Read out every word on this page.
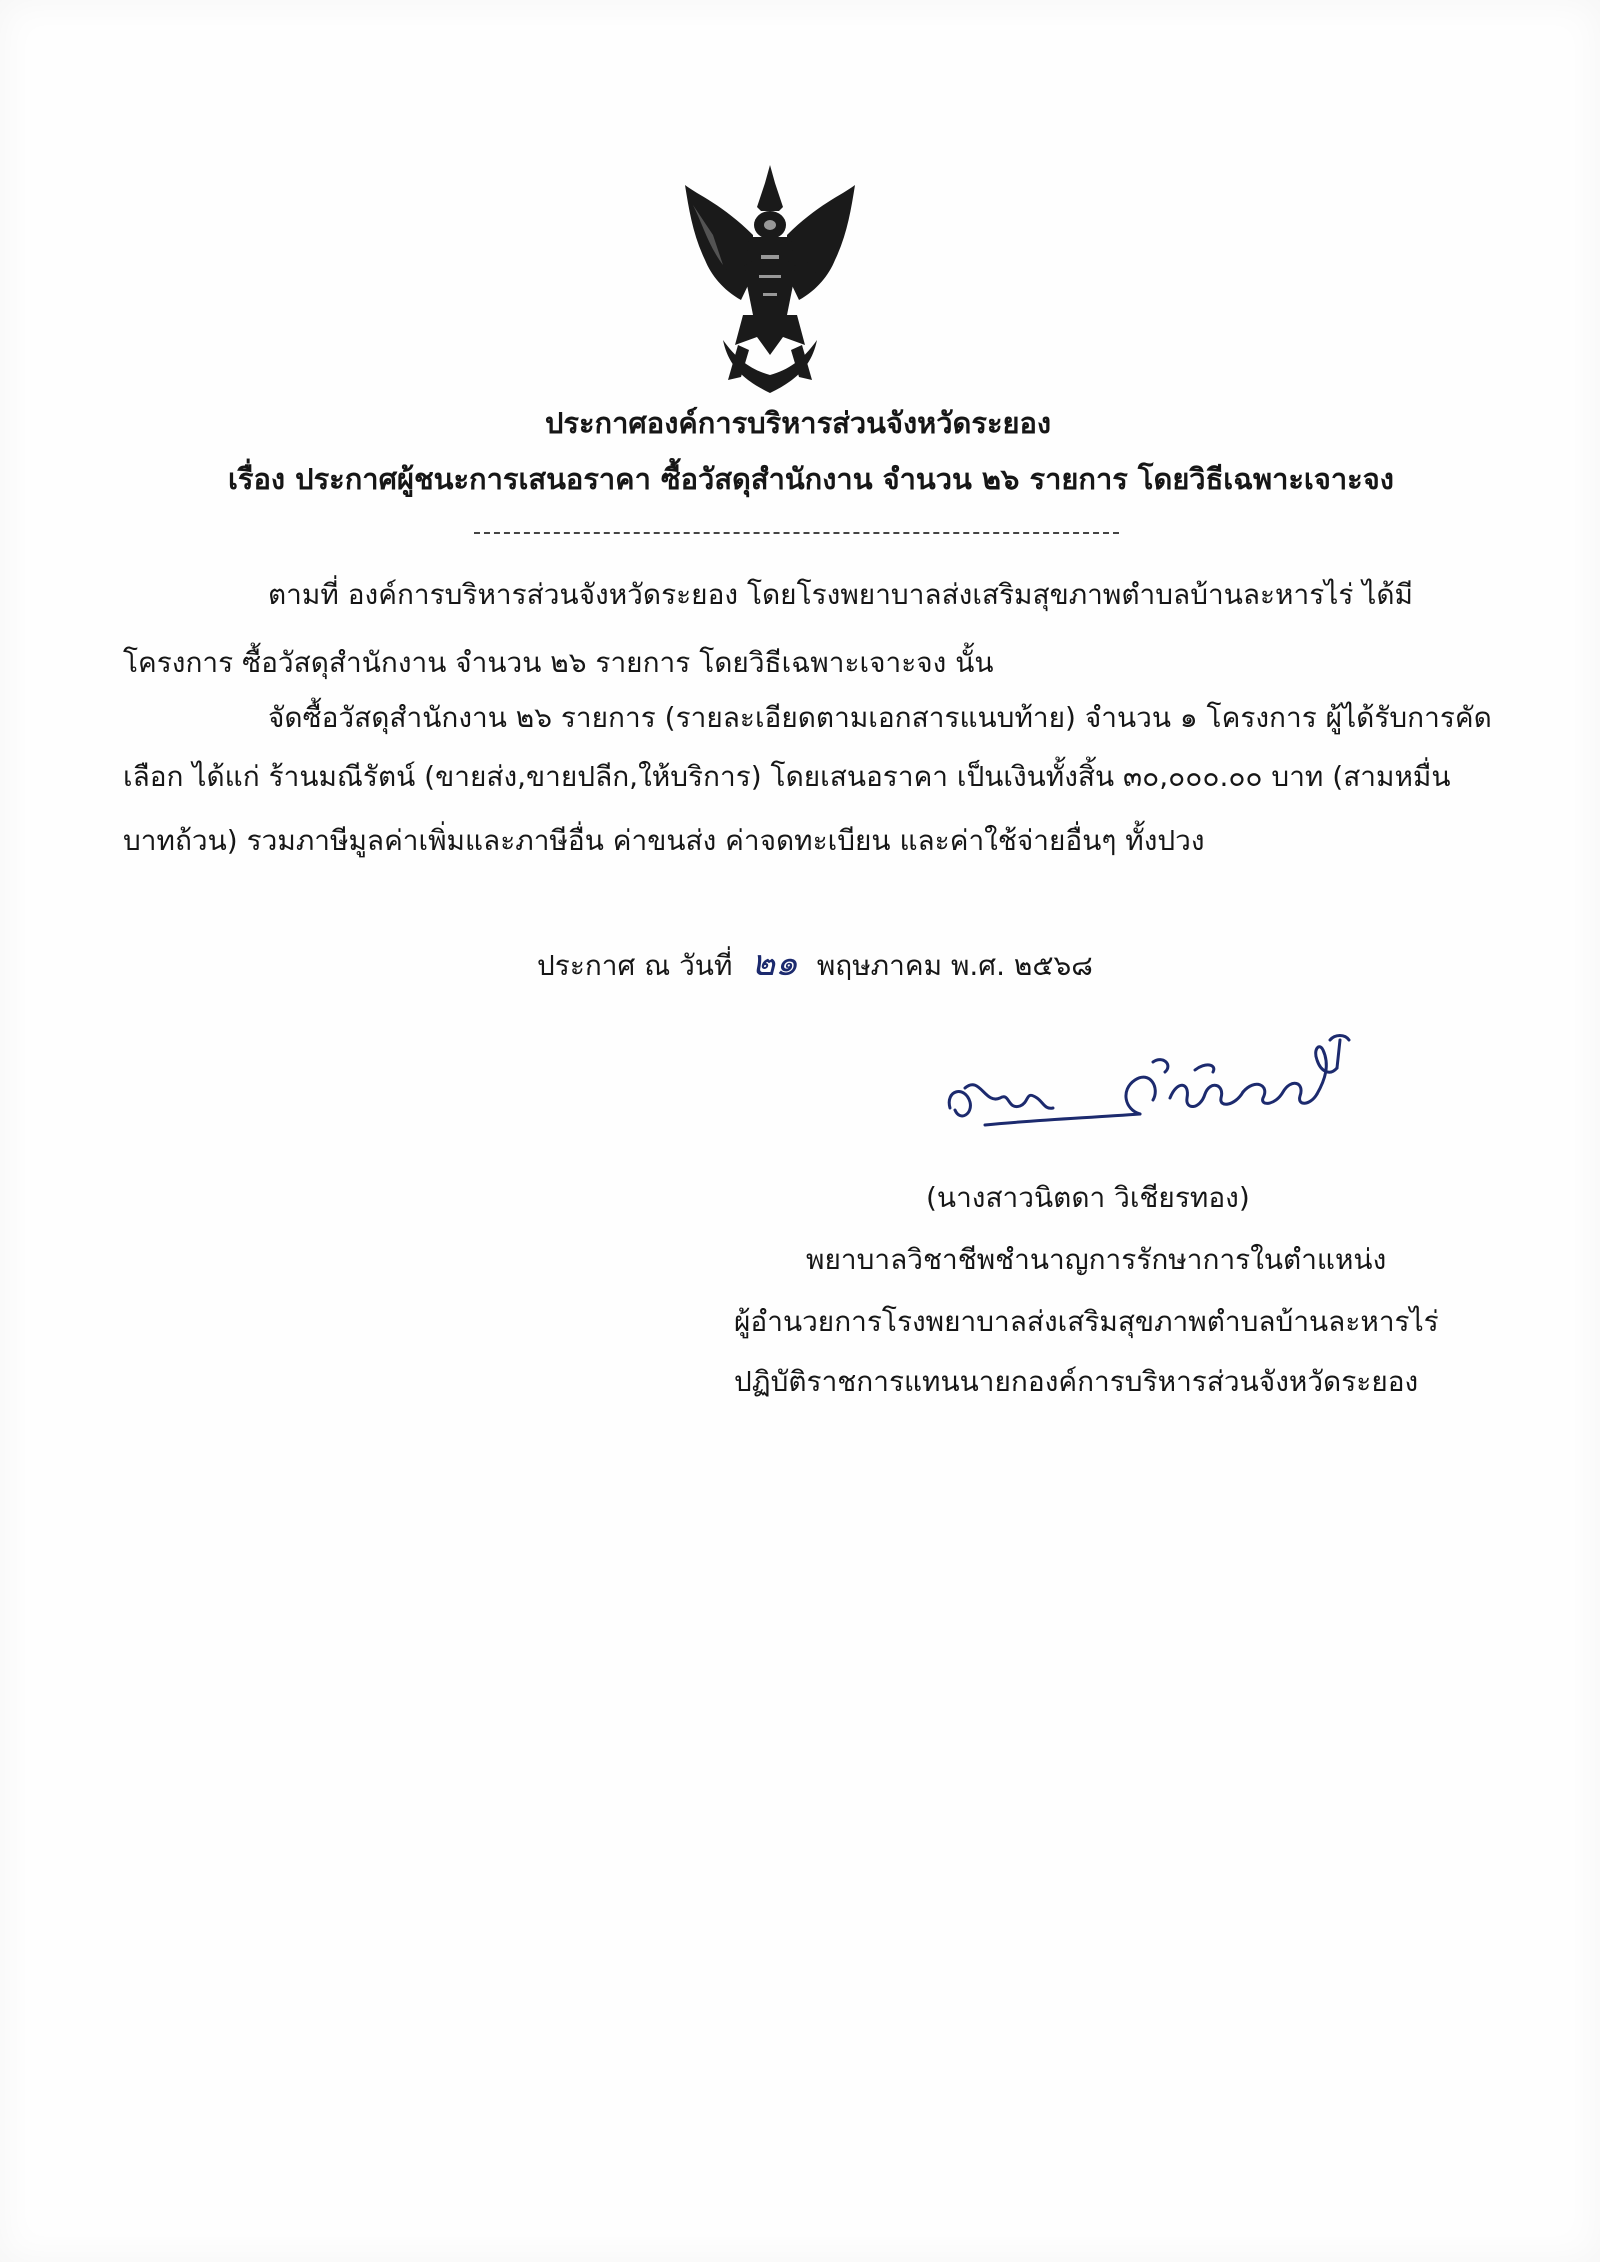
ประกาศองค์การบริหารส่วนจังหวัดระยอง
เรื่อง ประกาศผู้ชนะการเสนอราคา ซื้อวัสดุสำนักงาน จำนวน ๒๖ รายการ โดยวิธีเฉพาะเจาะจง
ตามที่ องค์การบริหารส่วนจังหวัดระยอง โดยโรงพยาบาลส่งเสริมสุขภาพตำบลบ้านละหารไร่ ได้มี
โครงการ ซื้อวัสดุสำนักงาน จำนวน ๒๖ รายการ โดยวิธีเฉพาะเจาะจง นั้น
จัดซื้อวัสดุสำนักงาน ๒๖ รายการ (รายละเอียดตามเอกสารแนบท้าย) จำนวน ๑ โครงการ ผู้ได้รับการคัด
เลือก ได้แก่ ร้านมณีรัตน์ (ขายส่ง,ขายปลีก,ให้บริการ) โดยเสนอราคา เป็นเงินทั้งสิ้น ๓๐,๐๐๐.๐๐ บาท (สามหมื่น
บาทถ้วน) รวมภาษีมูลค่าเพิ่มและภาษีอื่น ค่าขนส่ง ค่าจดทะเบียน และค่าใช้จ่ายอื่นๆ ทั้งปวง
ประกาศ ณ วันที่ ๒๑ พฤษภาคม พ.ศ. ๒๕๖๘
(นางสาวนิตดา วิเชียรทอง)
พยาบาลวิชาชีพชำนาญการรักษาการในตำแหน่ง
ผู้อำนวยการโรงพยาบาลส่งเสริมสุขภาพตำบลบ้านละหารไร่
ปฏิบัติราชการแทนนายกองค์การบริหารส่วนจังหวัดระยอง
